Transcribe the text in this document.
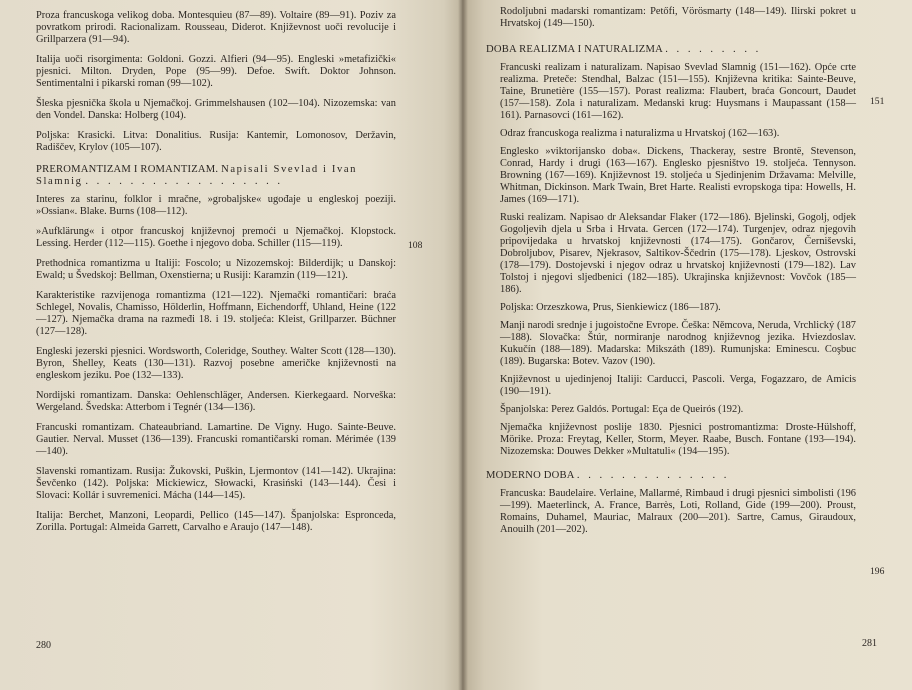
Proza francuskoga velikog doba. Montesquieu (87—89). Voltaire (89—91). Poziv za povratkom prirodi. Racionalizam. Rousseau, Diderot. Književnost uoči revolucije i Grillparzera (91—94).

Italija uoči risorgimenta: Goldoni. Gozzi. Alfieri (94—95). Engleski »metafizički« pjesnici. Milton. Dryden, Pope (95—99). Defoe. Swift. Doktor Johnson. Sentimentalni i pikarski roman (99—102).

Šleska pjesnička škola u Njemačkoj. Grimmelshausen (102—104). Nizozemska: van den Vondel. Danska: Holberg (104).

Poljska: Krasicki. Litva: Donalitius. Rusija: Kantemir, Lomonosov, Deržavin, Radiščev, Krylov (105—107).

PREROMANTIZAM I ROMANTIZAM. Napisali Svevlad i Ivan Slamnig . . . . . . . . . . . . . . . . . .

Interes za starinu, folklor i mračne, »grobaljske« ugođaje u engleskoj poeziji. »Ossian«. Blake. Burns (108—112).

»Aufklärung« i otpor francuskoj književnoj premoći u Njemačkoj. Klopstock. Lessing. Herder (112—115). Goethe i njegovo doba. Schiller (115—119).

Prethodnica romantizma u Italiji: Foscolo; u Nizozemskoj: Bilderdijk; u Danskoj: Ewald; u Švedskoj: Bellman, Oxenstierna; u Rusiji: Karamzin (119—121).

Karakteristike razvijenoga romantizma (121—122). Njemački romantičari: braća Schlegel, Novalis, Chamisso, Hölderlin, Hoffmann, Eichendorff, Uhland, Heine (122—127). Njemačka drama na razmeđi 18. i 19. stoljeća: Kleist, Grillparzer. Büchner (127—128).

Engleski jezerski pjesnici. Wordsworth, Coleridge, Southey. Walter Scott (128—130). Byron, Shelley, Keats (130—131). Razvoj posebne američke književnosti na engleskom jeziku. Poe (132—133).

Nordijski romantizam. Danska: Oehlenschläger, Andersen. Kierkegaard. Norveška: Wergeland. Švedska: Atterbom i Tegnér (134—136).

Francuski romantizam. Chateaubriand. Lamartine. De Vigny. Hugo. Sainte-Beuve. Gautier. Nerval. Musset (136—139). Francuski romantičarski roman. Mérimée (139—140).

Slavenski romantizam. Rusija: Žukovski, Puškin, Ljermontov (141—142). Ukrajina: Ševčenko (142). Poljska: Mickiewicz, Słowacki, Krasiński (143—144). Česi i Slovaci: Kollár i suvremenici. Mácha (144—145).

Italija: Berchet, Manzoni, Leopardi, Pellico (145—147). Španjolska: Espronceda, Zorilla. Portugal: Almeida Garrett, Carvalho e Araujo (147—148).

108
280

Rodoljubni madarski romantizam: Petőfi, Vörösmarty (148—149). Ilirski pokret u Hrvatskoj (149—150).

DOBA REALIZMA I NATURALIZMA . . . . . . . . .

Francuski realizam i naturalizam. Napisao Svevlad Slamnig (151—162). Opće crte realizma. Preteče: Stendhal, Balzac (151—155). Književna kritika: Sainte-Beuve, Taine, Brunetière (155—157). Porast realizma: Flaubert, braća Goncourt, Daudet (157—158). Zola i naturalizam. Medanski krug: Huysmans i Maupassant (158—161). Parnasovci (161—162).

Odraz francuskoga realizma i naturalizma u Hrvatskoj (162—163).

Englesko »viktorijansko doba«. Dickens, Thackeray, sestre Brontë, Stevenson, Conrad, Hardy i drugi (163—167). Englesko pjesništvo 19. stoljeća. Tennyson. Browning (167—169). Književnost 19. stoljeća u Sjedinjenim Državama: Melville, Whitman, Dickinson. Mark Twain, Bret Harte. Realisti evropskoga tipa: Howells, H. James (169—171).

Ruski realizam. Napisao dr Aleksandar Flaker (172—186). Bjelinski, Gogolj, odjek Gogoljevih djela u Srba i Hrvata. Gercen (172—174). Turgenjev, odraz njegovih pripovijedaka u hrvatskoj književnosti (174—175). Gončarov, Černiševski, Dobroljubov, Pisarev, Njekrasov, Saltikov-Ščedrin (175—178). Ljeskov, Ostrovski (178—179). Dostojevski i njegov odraz u hrvatskoj književnosti (179—182). Lav Tolstoj i njegovi sljedbenici (182—185). Ukrajinska književnost: Vovčok (185—186).

Poljska: Orzeszkowa, Prus, Sienkiewicz (186—187).

Manji narodi srednje i jugoistočne Evrope. Češka: Němcova, Neruda, Vrchlický (187—188). Slovačka: Štúr, normiranje narodnog književnog jezika. Hviezdoslav. Kukučín (188—189). Madarska: Mikszáth (189). Rumunjska: Eminescu. Coşbuc (189). Bugarska: Botev. Vazov (190).

Književnost u ujedinjenoj Italiji: Carducci, Pascoli. Verga, Fogazzaro, de Amicis (190—191).

Španjolska: Perez Galdós. Portugal: Eça de Queirós (192).

Njemačka književnost poslije 1830. Pjesnici postromantizma: Droste-Hülshoff, Mörike. Proza: Freytag, Keller, Storm, Meyer. Raabe, Busch. Fontane (193—194). Nizozemska: Douwes Dekker »Multatuli« (194—195).

MODERNO DOBA . . . . . . . . . . . . . .

Francuska: Baudelaire. Verlaine, Mallarmé, Rimbaud i drugi pjesnici simbolisti (196—199). Maeterlinck, A. France, Barrès, Loti, Rolland, Gide (199—200). Proust, Romains, Duhamel, Mauriac, Malraux (200—201). Sartre, Camus, Giraudoux, Anouilh (201—202).

151
196
281
